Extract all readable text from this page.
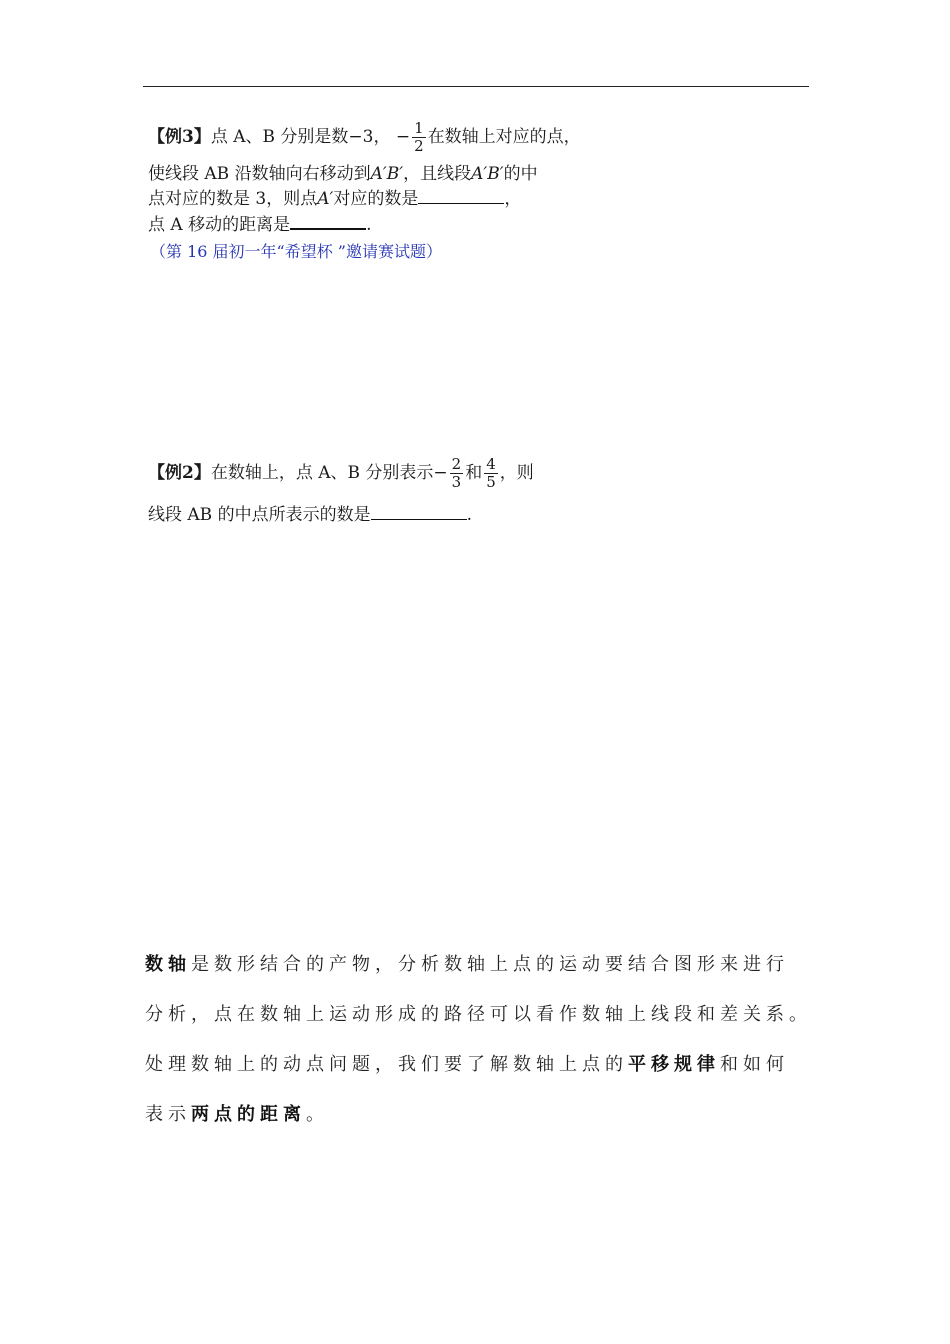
【例3】点 A、B 分别是数−3， − $\frac{1}{2}$ 在数轴上对应的点，
使线段 AB 沿数轴向右移动到A′B′，且线段A′B′的中
点对应的数是 3，则点A′对应的数是	，
点 A 移动的距离是	.
（第 16 届初一年“希望杯 ”邀请赛试题）
【例2】在数轴上，点 A、B 分别表示− $\frac{2}{3}$ 和 $\frac{4}{5}$ ，则
线段 AB 的中点所表示的数是	.
数轴是数形结合的产物，分析数轴上点的运动要结合图形来进行
分析，点在数轴上运动形成的路径可以看作数轴上线段和差关系。
处理数轴上的动点问题，我们要了解数轴上点的平移规律和如何
表示两点的距离。
